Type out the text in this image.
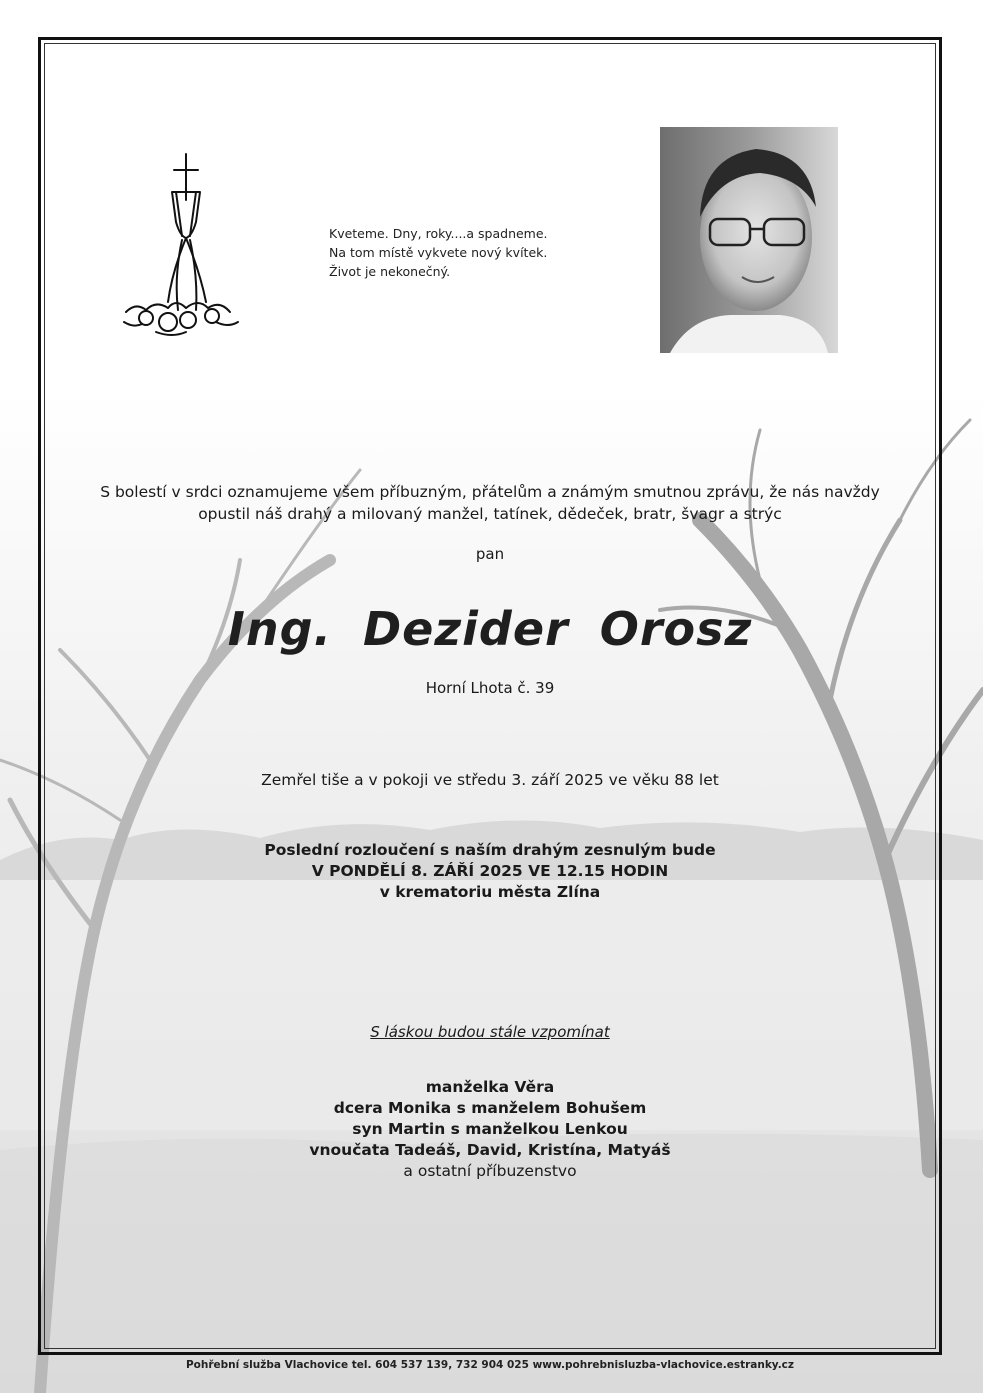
Kveteme. Dny, roky....a spadneme.
Na tom místě vykvete nový kvítek.
Život je nekonečný.
S bolestí v srdci oznamujeme všem příbuzným, přátelům a známým smutnou zprávu, že nás navždy
opustil náš drahý a milovaný manžel, tatínek, dědeček, bratr, švagr a strýc
pan
Ing. Dezider Orosz
Horní Lhota č. 39
Zemřel tiše a v pokoji ve středu 3. září 2025 ve věku 88 let
Poslední rozloučení s naším drahým zesnulým bude
V PONDĚLÍ 8. ZÁŘÍ 2025 VE 12.15 HODIN
v krematoriu města Zlína
S láskou budou stále vzpomínat
manželka Věra
dcera Monika s manželem Bohušem
syn Martin s manželkou Lenkou
vnoučata Tadeáš, David, Kristína, Matyáš
a ostatní příbuzenstvo
Pohřební služba Vlachovice tel. 604 537 139, 732 904 025 www.pohrebnisluzba-vlachovice.estranky.cz
